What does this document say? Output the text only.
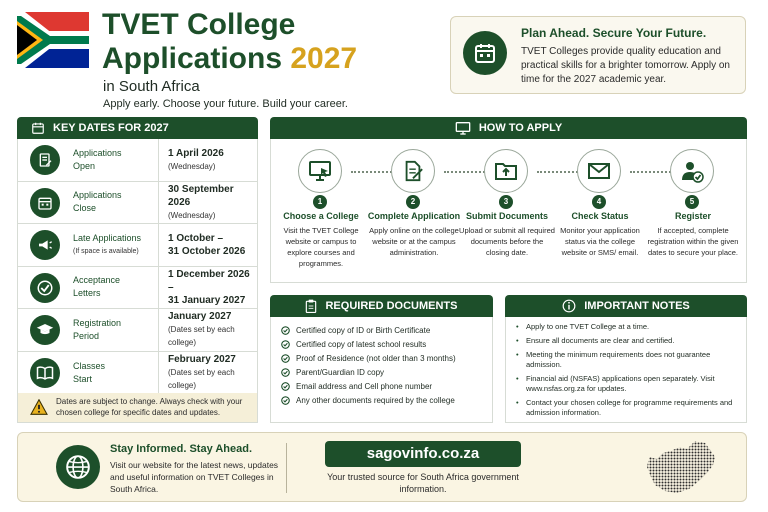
TVET College
Applications 2027
in South Africa
Apply early. Choose your future. Build your career.
Plan Ahead. Secure Your Future.
TVET Colleges provide quality education and practical skills for a brighter tomorrow. Apply on time for the 2027 academic year.
KEY DATES FOR 2027
Applications
Open
1 April 2026
(Wednesday)
Applications
Close
30 September 2026
(Wednesday)
Late Applications
(If space is available)
1 October –
31 October 2026
Acceptance
Letters
1 December 2026 –
31 January 2027
Registration
Period
January 2027
(Dates set by each college)
Classes
Start
February 2027
(Dates set by each college)
Dates are subject to change. Always check with your chosen college for specific dates and updates.
HOW TO APPLY
1
Choose a College
Visit the TVET College website or campus to explore courses and programmes.
2
Complete Application
Apply online on the college website or at the campus administration.
3
Submit Documents
Upload or submit all required documents before the closing date.
4
Check Status
Monitor your application status via the college website or SMS/ email.
5
Register
If accepted, complete registration within the given dates to secure your place.
REQUIRED DOCUMENTS
Certified copy of ID or Birth Certificate
Certified copy of latest school results
Proof of Residence (not older than 3 months)
Parent/Guardian ID copy
Email address and Cell phone number
Any other documents required by the college
IMPORTANT NOTES
• Apply to one TVET College at a time.
• Ensure all documents are clear and certified.
• Meeting the minimum requirements does not guarantee admission.
• Financial aid (NSFAS) applications open separately. Visit www.nsfas.org.za for updates.
• Contact your chosen college for programme requirements and admission information.
Stay Informed. Stay Ahead.
Visit our website for the latest news, updates and useful information on TVET Colleges in South Africa.
sagovinfo.co.za
Your trusted source for South Africa government information.
